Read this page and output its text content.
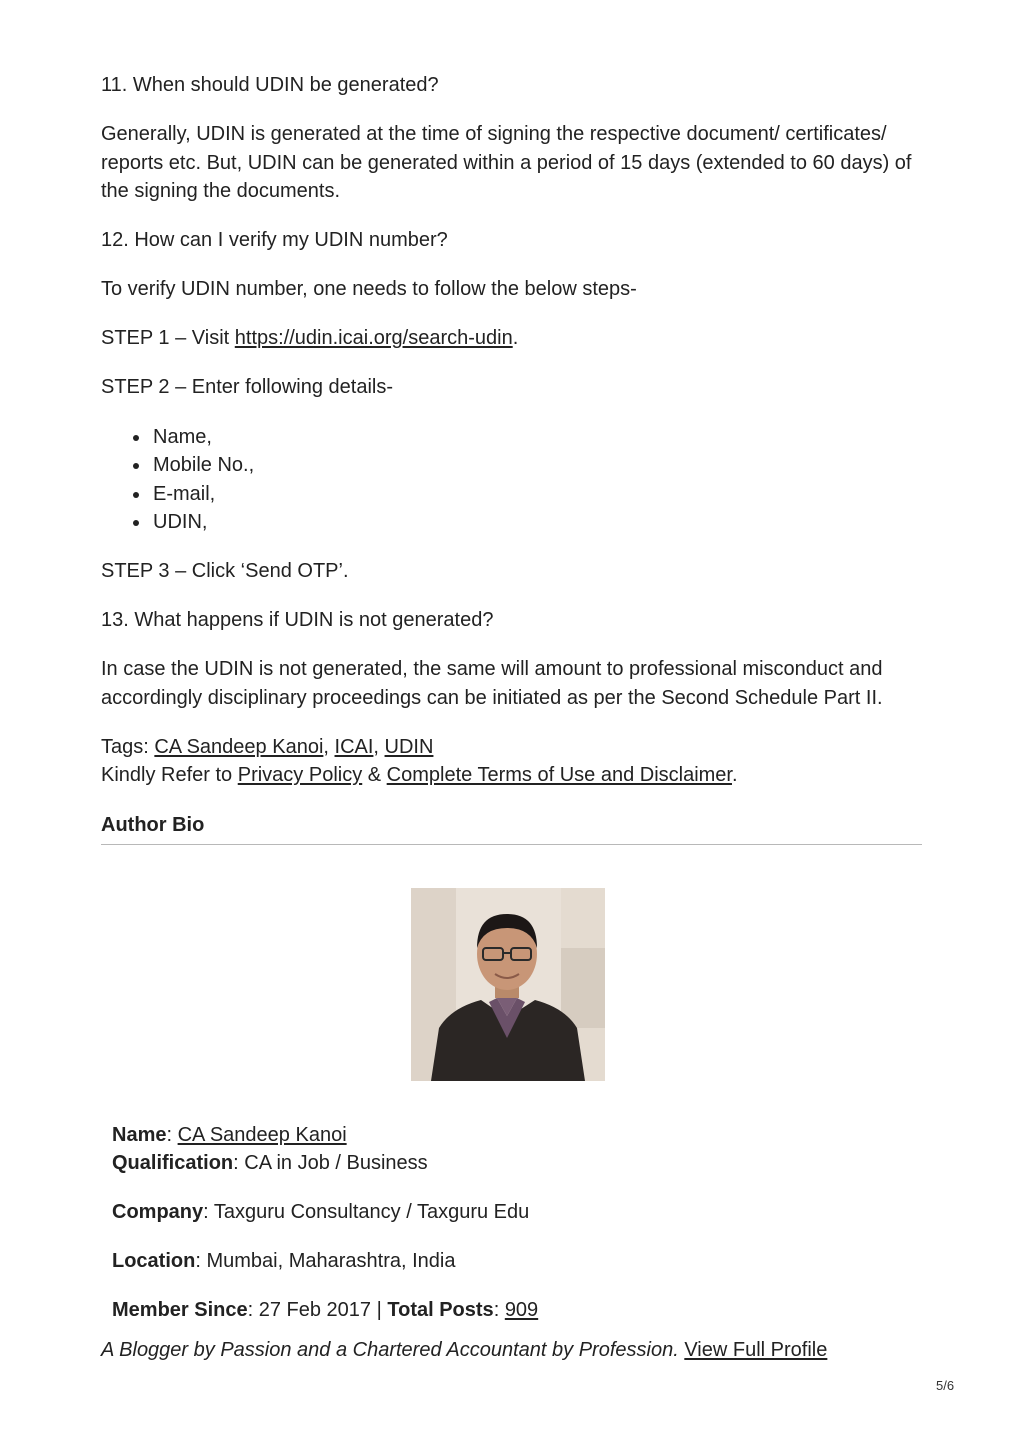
11. When should UDIN be generated?
Generally, UDIN is generated at the time of signing the respective document/ certificates/ reports etc. But, UDIN can be generated within a period of 15 days (extended to 60 days) of the signing the documents.
12. How can I verify my UDIN number?
To verify UDIN number, one needs to follow the below steps-
STEP 1 – Visit https://udin.icai.org/search-udin.
STEP 2 – Enter following details-
Name,
Mobile No.,
E-mail,
UDIN,
STEP 3 – Click ‘Send OTP’.
13. What happens if UDIN is not generated?
In case the UDIN is not generated, the same will amount to professional misconduct and accordingly disciplinary proceedings can be initiated as per the Second Schedule Part II.
Tags: CA Sandeep Kanoi, ICAI, UDIN
Kindly Refer to Privacy Policy & Complete Terms of Use and Disclaimer.
Author Bio
Name: CA Sandeep Kanoi
Qualification: CA in Job / Business
Company: Taxguru Consultancy / Taxguru Edu
Location: Mumbai, Maharashtra, India
Member Since: 27 Feb 2017 | Total Posts: 909
A Blogger by Passion and a Chartered Accountant by Profession. View Full Profile
5/6
